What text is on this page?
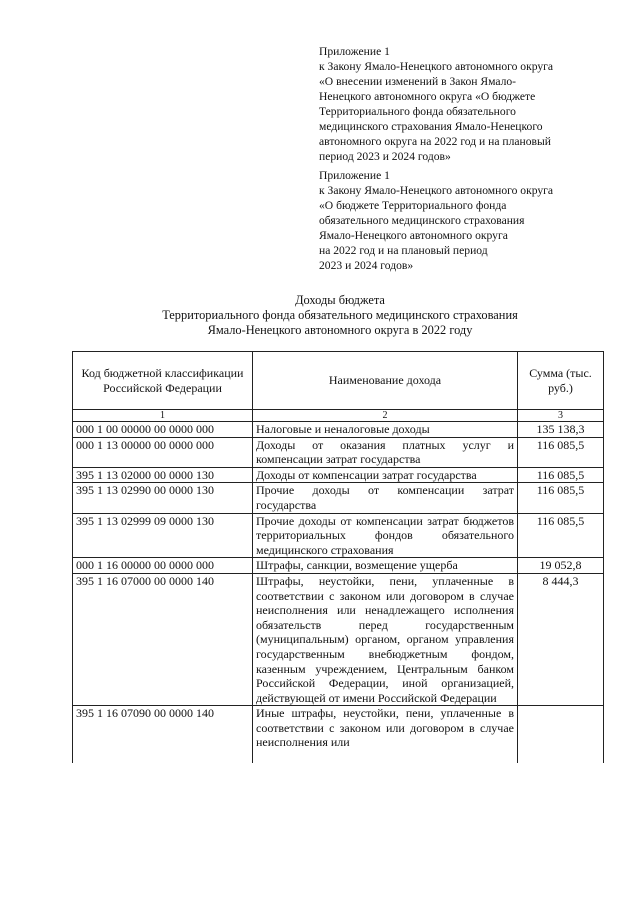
Приложение 1

к Закону Ямало-Ненецкого автономного округа

«О внесении изменений в Закон Ямало-

Ненецкого автономного округа «О бюджете

Территориального фонда обязательного

медицинского страхования Ямало-Ненецкого

автономного округа на 2022 год и на плановый

период 2023 и 2024 годов»

Приложение 1

к Закону Ямало-Ненецкого автономного округа

«О бюджете Территориального фонда

обязательного медицинского страхования

Ямало-Ненецкого автономного округа

на 2022 год и на плановый период

2023 и 2024 годов»

Доходы бюджета
Территориального фонда обязательного медицинского страхования
Ямало-Ненецкого автономного округа в 2022 году
Код бюджетной классификации Российской Федерации	Наименование дохода	Сумма (тыс. руб.)
1	2	3
000 1 00 00000 00 0000 000	Налоговые и неналоговые доходы	135 138,3
000 1 13 00000 00 0000 000	Доходы от оказания платных услуг и компенсации затрат государства	116 085,5
395 1 13 02000 00 0000 130	Доходы от компенсации затрат государства	116 085,5
395 1 13 02990 00 0000 130	Прочие доходы от компенсации затрат государства	116 085,5
395 1 13 02999 09 0000 130	Прочие доходы от компенсации затрат бюджетов территориальных фондов обязательного медицинского страхования	116 085,5
000 1 16 00000 00 0000 000	Штрафы, санкции, возмещение ущерба	19 052,8
395 1 16 07000 00 0000 140	Штрафы, неустойки, пени, уплаченные в соответствии с законом или договором в случае неисполнения или ненадлежащего исполнения обязательств перед государственным (муниципальным) органом, органом управления государственным внебюджетным фондом, казенным учреждением, Центральным банком Российской Федерации, иной организацией, действующей от имени Российской Федерации	8 444,3
395 1 16 07090 00 0000 140	Иные штрафы, неустойки, пени, уплаченные в соответствии с законом или договором в случае неисполнения или	
